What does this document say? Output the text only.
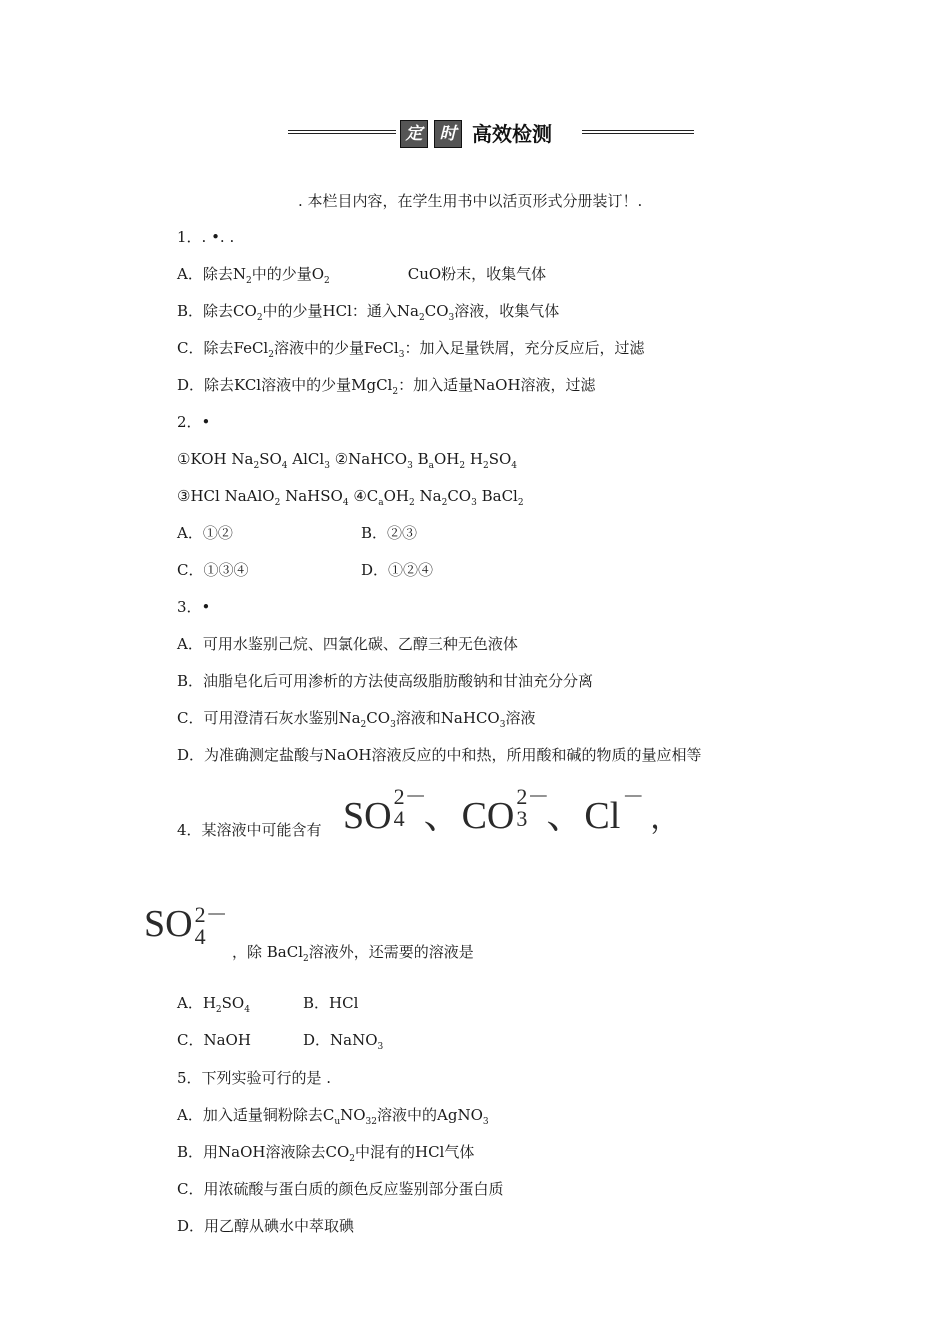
定	时 高效检测
. 本栏目内容，在学生用书中以活页形式分册装订！.
1．. •. .
A．除去$N_2$中的少量$O_2$	CuO粉末，收集气体
B．除去$CO_2$中的少量HCl：通入$Na_2CO_3$溶液，收集气体
C．除去FeCl$_2$溶液中的少量FeCl$_3$：加入足量铁屑，充分反应后，过滤
D．除去KCl溶液中的少量MgCl$_2$：加入适量NaOH溶液，过滤
2．•
①KOH $Na_2SO_4$ AlCl$_3$ ②NaHCO$_3$ $B_aOH_2$ $H_2SO_4$
③HCl NaAlO$_2$ NaHSO$_4$ $④C_aOH_2$ $Na_2CO_3$ BaCl$_2$
A．①②	B．②③
C．①③④	D．①②④
3．•
A．可用水鉴别己烷、四氯化碳、乙醇三种无色液体
B．油脂皂化后可用渗析的方法使高级脂肪酸钠和甘油充分分离
C．可用澄清石灰水鉴别$Na_2CO_3$溶液和NaHCO$_3$溶液
D．为准确测定盐酸与NaOH溶液反应的中和热，所用酸和碱的物质的量应相等
4．某溶液中可能含有 SO 2－
4 、CO 2－
3 、Cl －
，
SO 2－
4
，除 BaCl$_2$溶液外，还需要的溶液是
A．$H_2SO_4$	B．HCl
C．NaOH	D．NaNO$_3$
5．下列实验可行的是 .
A．加入适量铜粉除去$C_uNO_{32}$溶液中的AgNO$_3$
B．用NaOH溶液除去$CO_2$中混有的HCl气体
C．用浓硫酸与蛋白质的颜色反应鉴别部分蛋白质
D．用乙醇从碘水中萃取碘
